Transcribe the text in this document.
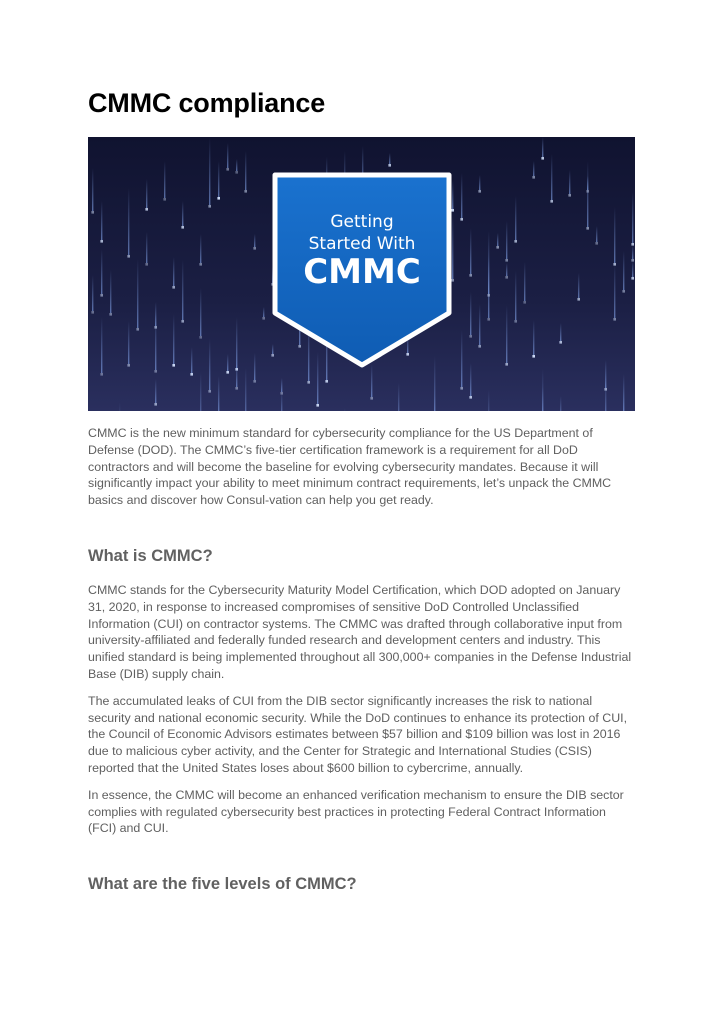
CMMC compliance
Getting
Started With
CMMC

CMMC is the new minimum standard for cybersecurity compliance for the US Department of Defense (DOD). The CMMC’s five-tier certification framework is a requirement for all DoD contractors and will become the baseline for evolving cybersecurity mandates. Because it will significantly impact your ability to meet minimum contract requirements, let’s unpack the CMMC basics and discover how Consul-vation can help you get ready.

What is CMMC?

CMMC stands for the Cybersecurity Maturity Model Certification, which DOD adopted on January 31, 2020, in response to increased compromises of sensitive DoD Controlled Unclassified Information (CUI) on contractor systems. The CMMC was drafted through collaborative input from university-affiliated and federally funded research and development centers and industry. This unified standard is being implemented throughout all 300,000+ companies in the Defense Industrial Base (DIB) supply chain.

The accumulated leaks of CUI from the DIB sector significantly increases the risk to national security and national economic security. While the DoD continues to enhance its protection of CUI, the Council of Economic Advisors estimates between $57 billion and $109 billion was lost in 2016 due to malicious cyber activity, and the Center for Strategic and International Studies (CSIS) reported that the United States loses about $600 billion to cybercrime, annually.

In essence, the CMMC will become an enhanced verification mechanism to ensure the DIB sector complies with regulated cybersecurity best practices in protecting Federal Contract Information (FCI) and CUI.

What are the five levels of CMMC?
